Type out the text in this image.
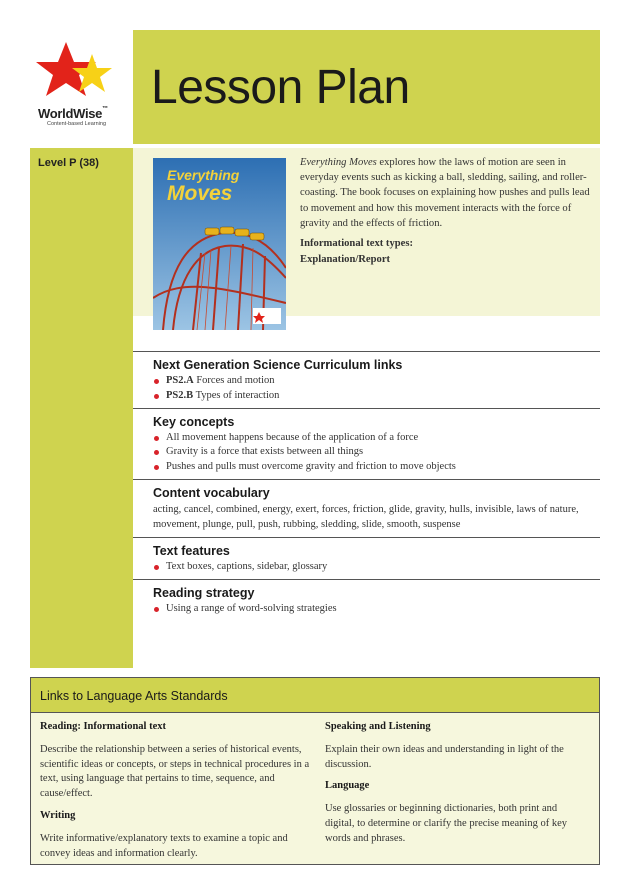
WorldWise™
Content-based Learning
Lesson Plan
Level P (38)
Everything
Moves
Everything Moves explores how the laws of motion are seen in everyday events such as kicking a ball, sledding, sailing, and roller-coasting. The book focuses on explaining how pushes and pulls lead to movement and how this movement interacts with the force of gravity and the effects of friction.
Informational text types:
Explanation/Report
Next Generation Science Curriculum links
PS2.A Forces and motion
PS2.B Types of interaction
Key concepts
All movement happens because of the application of a force
Gravity is a force that exists between all things
Pushes and pulls must overcome gravity and friction to move objects
Content vocabulary

acting, cancel, combined, energy, exert, forces, friction, glide, gravity, hulls, invisible, laws of nature, movement, plunge, pull, push, rubbing, sledding, slide, smooth, suspense

Text features
Text boxes, captions, sidebar, glossary
Reading strategy
Using a range of word-solving strategies
Links to Language Arts Standards
Reading: Informational text

Describe the relationship between a series of historical events, scientific ideas or concepts, or steps in technical procedures in a text, using language that pertains to time, sequence, and cause/effect.

Writing

Write informative/explanatory texts to examine a topic and convey ideas and information clearly.

Speaking and Listening

Explain their own ideas and understanding in light of the discussion.

Language

Use glossaries or beginning dictionaries, both print and digital, to determine or clarify the precise meaning of key words and phrases.
